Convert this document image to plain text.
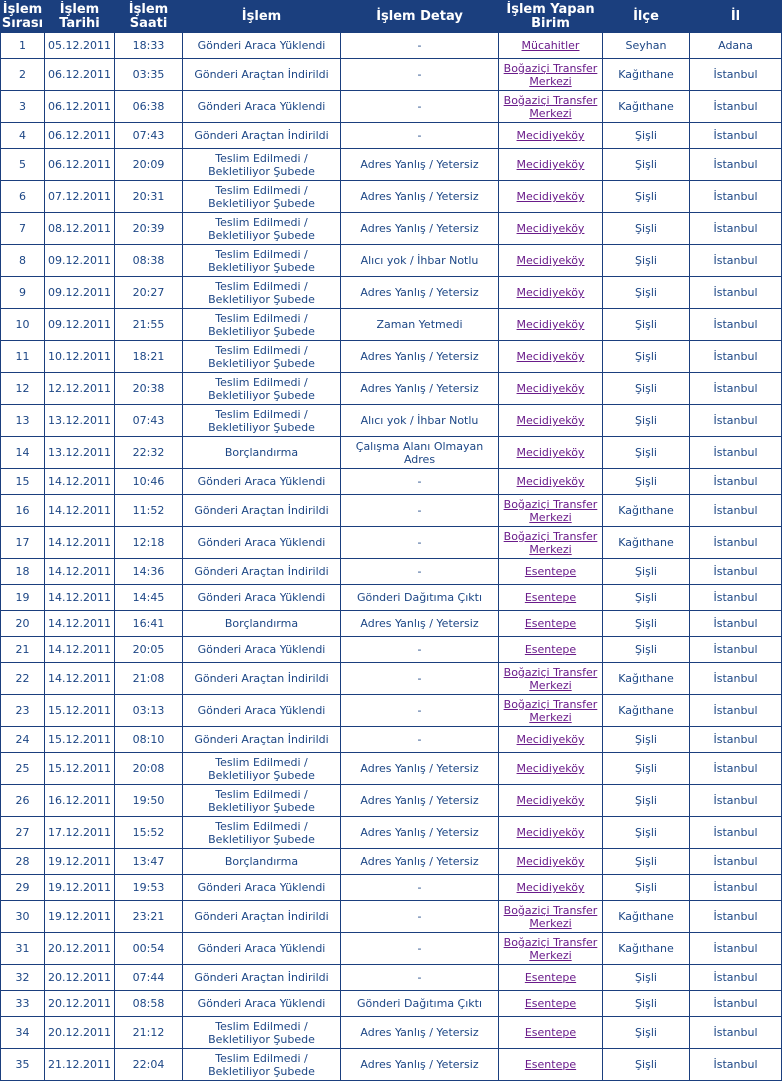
İşlem Sırası	İşlem Tarihi	İşlem Saati	İşlem	İşlem Detay	İşlem Yapan Birim	İlçe	İl
1	05.12.2011	18:33	Gönderi Araca Yüklendi	-	Mücahitler	Seyhan	Adana
2	06.12.2011	03:35	Gönderi Araçtan İndirildi	-	Boğaziçi Transfer Merkezi	Kağıthane	İstanbul
3	06.12.2011	06:38	Gönderi Araca Yüklendi	-	Boğaziçi Transfer Merkezi	Kağıthane	İstanbul
4	06.12.2011	07:43	Gönderi Araçtan İndirildi	-	Mecidiyeköy	Şişli	İstanbul
5	06.12.2011	20:09	Teslim Edilmedi / Bekletiliyor Şubede	Adres Yanlış / Yetersiz	Mecidiyeköy	Şişli	İstanbul
6	07.12.2011	20:31	Teslim Edilmedi / Bekletiliyor Şubede	Adres Yanlış / Yetersiz	Mecidiyeköy	Şişli	İstanbul
7	08.12.2011	20:39	Teslim Edilmedi / Bekletiliyor Şubede	Adres Yanlış / Yetersiz	Mecidiyeköy	Şişli	İstanbul
8	09.12.2011	08:38	Teslim Edilmedi / Bekletiliyor Şubede	Alıcı yok / İhbar Notlu	Mecidiyeköy	Şişli	İstanbul
9	09.12.2011	20:27	Teslim Edilmedi / Bekletiliyor Şubede	Adres Yanlış / Yetersiz	Mecidiyeköy	Şişli	İstanbul
10	09.12.2011	21:55	Teslim Edilmedi / Bekletiliyor Şubede	Zaman Yetmedi	Mecidiyeköy	Şişli	İstanbul
11	10.12.2011	18:21	Teslim Edilmedi / Bekletiliyor Şubede	Adres Yanlış / Yetersiz	Mecidiyeköy	Şişli	İstanbul
12	12.12.2011	20:38	Teslim Edilmedi / Bekletiliyor Şubede	Adres Yanlış / Yetersiz	Mecidiyeköy	Şişli	İstanbul
13	13.12.2011	07:43	Teslim Edilmedi / Bekletiliyor Şubede	Alıcı yok / İhbar Notlu	Mecidiyeköy	Şişli	İstanbul
14	13.12.2011	22:32	Borçlandırma	Çalışma Alanı Olmayan Adres	Mecidiyeköy	Şişli	İstanbul
15	14.12.2011	10:46	Gönderi Araca Yüklendi	-	Mecidiyeköy	Şişli	İstanbul
16	14.12.2011	11:52	Gönderi Araçtan İndirildi	-	Boğaziçi Transfer Merkezi	Kağıthane	İstanbul
17	14.12.2011	12:18	Gönderi Araca Yüklendi	-	Boğaziçi Transfer Merkezi	Kağıthane	İstanbul
18	14.12.2011	14:36	Gönderi Araçtan İndirildi	-	Esentepe	Şişli	İstanbul
19	14.12.2011	14:45	Gönderi Araca Yüklendi	Gönderi Dağıtıma Çıktı	Esentepe	Şişli	İstanbul
20	14.12.2011	16:41	Borçlandırma	Adres Yanlış / Yetersiz	Esentepe	Şişli	İstanbul
21	14.12.2011	20:05	Gönderi Araca Yüklendi	-	Esentepe	Şişli	İstanbul
22	14.12.2011	21:08	Gönderi Araçtan İndirildi	-	Boğaziçi Transfer Merkezi	Kağıthane	İstanbul
23	15.12.2011	03:13	Gönderi Araca Yüklendi	-	Boğaziçi Transfer Merkezi	Kağıthane	İstanbul
24	15.12.2011	08:10	Gönderi Araçtan İndirildi	-	Mecidiyeköy	Şişli	İstanbul
25	15.12.2011	20:08	Teslim Edilmedi / Bekletiliyor Şubede	Adres Yanlış / Yetersiz	Mecidiyeköy	Şişli	İstanbul
26	16.12.2011	19:50	Teslim Edilmedi / Bekletiliyor Şubede	Adres Yanlış / Yetersiz	Mecidiyeköy	Şişli	İstanbul
27	17.12.2011	15:52	Teslim Edilmedi / Bekletiliyor Şubede	Adres Yanlış / Yetersiz	Mecidiyeköy	Şişli	İstanbul
28	19.12.2011	13:47	Borçlandırma	Adres Yanlış / Yetersiz	Mecidiyeköy	Şişli	İstanbul
29	19.12.2011	19:53	Gönderi Araca Yüklendi	-	Mecidiyeköy	Şişli	İstanbul
30	19.12.2011	23:21	Gönderi Araçtan İndirildi	-	Boğaziçi Transfer Merkezi	Kağıthane	İstanbul
31	20.12.2011	00:54	Gönderi Araca Yüklendi	-	Boğaziçi Transfer Merkezi	Kağıthane	İstanbul
32	20.12.2011	07:44	Gönderi Araçtan İndirildi	-	Esentepe	Şişli	İstanbul
33	20.12.2011	08:58	Gönderi Araca Yüklendi	Gönderi Dağıtıma Çıktı	Esentepe	Şişli	İstanbul
34	20.12.2011	21:12	Teslim Edilmedi / Bekletiliyor Şubede	Adres Yanlış / Yetersiz	Esentepe	Şişli	İstanbul
35	21.12.2011	22:04	Teslim Edilmedi / Bekletiliyor Şubede	Adres Yanlış / Yetersiz	Esentepe	Şişli	İstanbul
